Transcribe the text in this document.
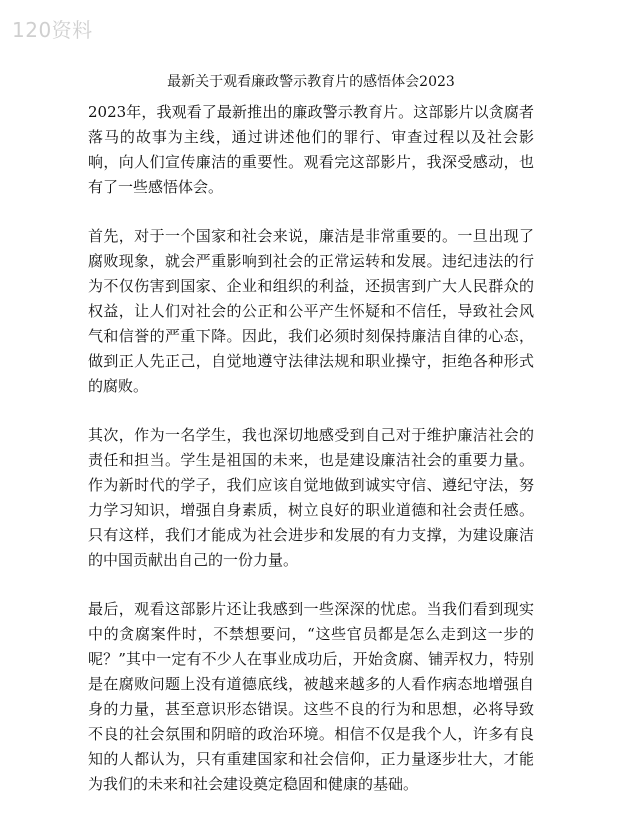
120资料
最新关于观看廉政警示教育片的感悟体会2023

2023年，我观看了最新推出的廉政警示教育片。这部影片以贪腐者落马的故事为主线，通过讲述他们的罪行、审查过程以及社会影响，向人们宣传廉洁的重要性。观看完这部影片，我深受感动，也有了一些感悟体会。

首先，对于一个国家和社会来说，廉洁是非常重要的。一旦出现了腐败现象，就会严重影响到社会的正常运转和发展。违纪违法的行为不仅伤害到国家、企业和组织的利益，还损害到广大人民群众的权益，让人们对社会的公正和公平产生怀疑和不信任，导致社会风气和信誉的严重下降。因此，我们必须时刻保持廉洁自律的心态，做到正人先正己，自觉地遵守法律法规和职业操守，拒绝各种形式的腐败。

其次，作为一名学生，我也深切地感受到自己对于维护廉洁社会的责任和担当。学生是祖国的未来，也是建设廉洁社会的重要力量。作为新时代的学子，我们应该自觉地做到诚实守信、遵纪守法，努力学习知识，增强自身素质，树立良好的职业道德和社会责任感。只有这样，我们才能成为社会进步和发展的有力支撑，为建设廉洁的中国贡献出自己的一份力量。

最后，观看这部影片还让我感到一些深深的忧虑。当我们看到现实中的贪腐案件时，不禁想要问，“这些官员都是怎么走到这一步的呢？”其中一定有不少人在事业成功后，开始贪腐、铺弄权力，特别是在腐败问题上没有道德底线，被越来越多的人看作病态地增强自身的力量，甚至意识形态错误。这些不良的行为和思想，必将导致不良的社会氛围和阴暗的政治环境。相信不仅是我个人，许多有良知的人都认为，只有重建国家和社会信仰，正力量逐步壮大，才能为我们的未来和社会建设奠定稳固和健康的基础。
